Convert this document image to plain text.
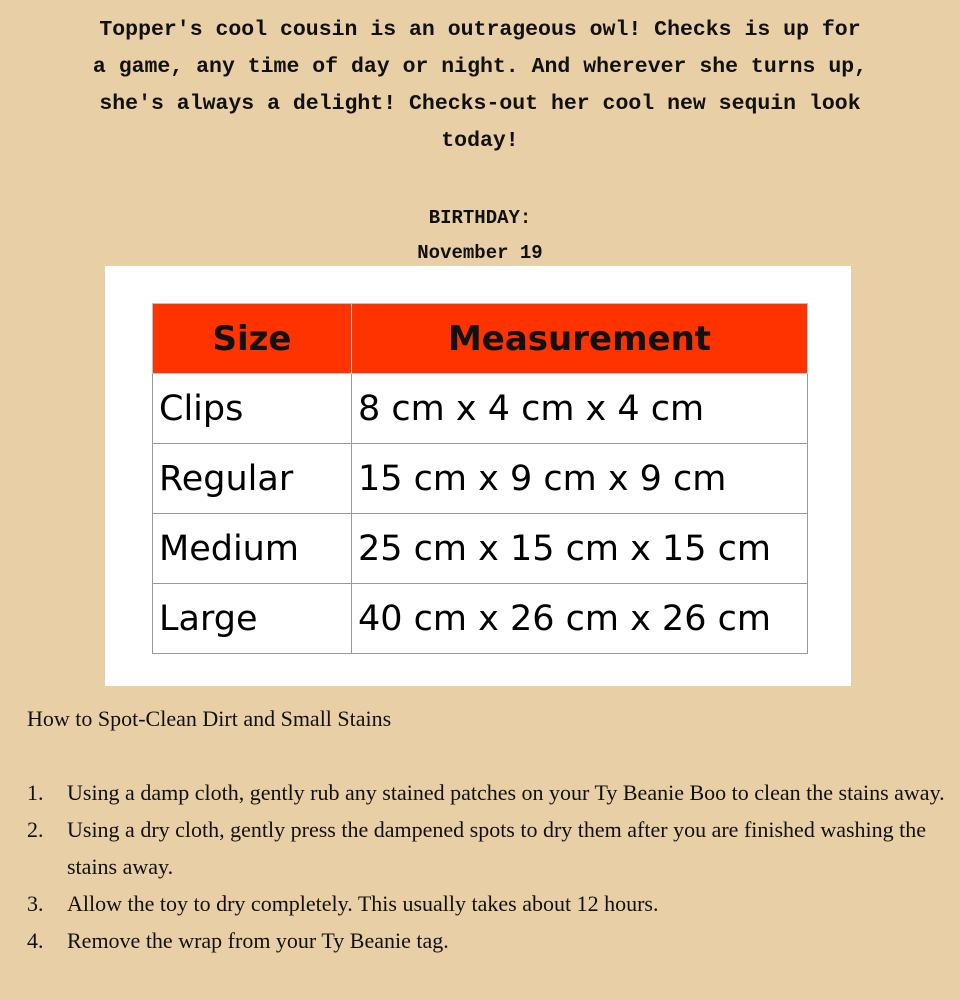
Topper's cool cousin is an outrageous owl! Checks is up for

a game, any time of day or night. And wherever she turns up,

she's always a delight! Checks-out her cool new sequin look

today!

BIRTHDAY:
November 19
Size	Measurement
Clips	8 cm x 4 cm x 4 cm
Regular	15 cm x 9 cm x 9 cm
Medium	25 cm x 15 cm x 15 cm
Large	40 cm x 26 cm x 26 cm
How to Spot-Clean Dirt and Small Stains
1. Using a damp cloth, gently rub any stained patches on your Ty Beanie Boo to clean the stains away.
2. Using a dry cloth, gently press the dampened spots to dry them after you are finished washing the stains away.
3. Allow the toy to dry completely. This usually takes about 12 hours.
4. Remove the wrap from your Ty Beanie tag.
